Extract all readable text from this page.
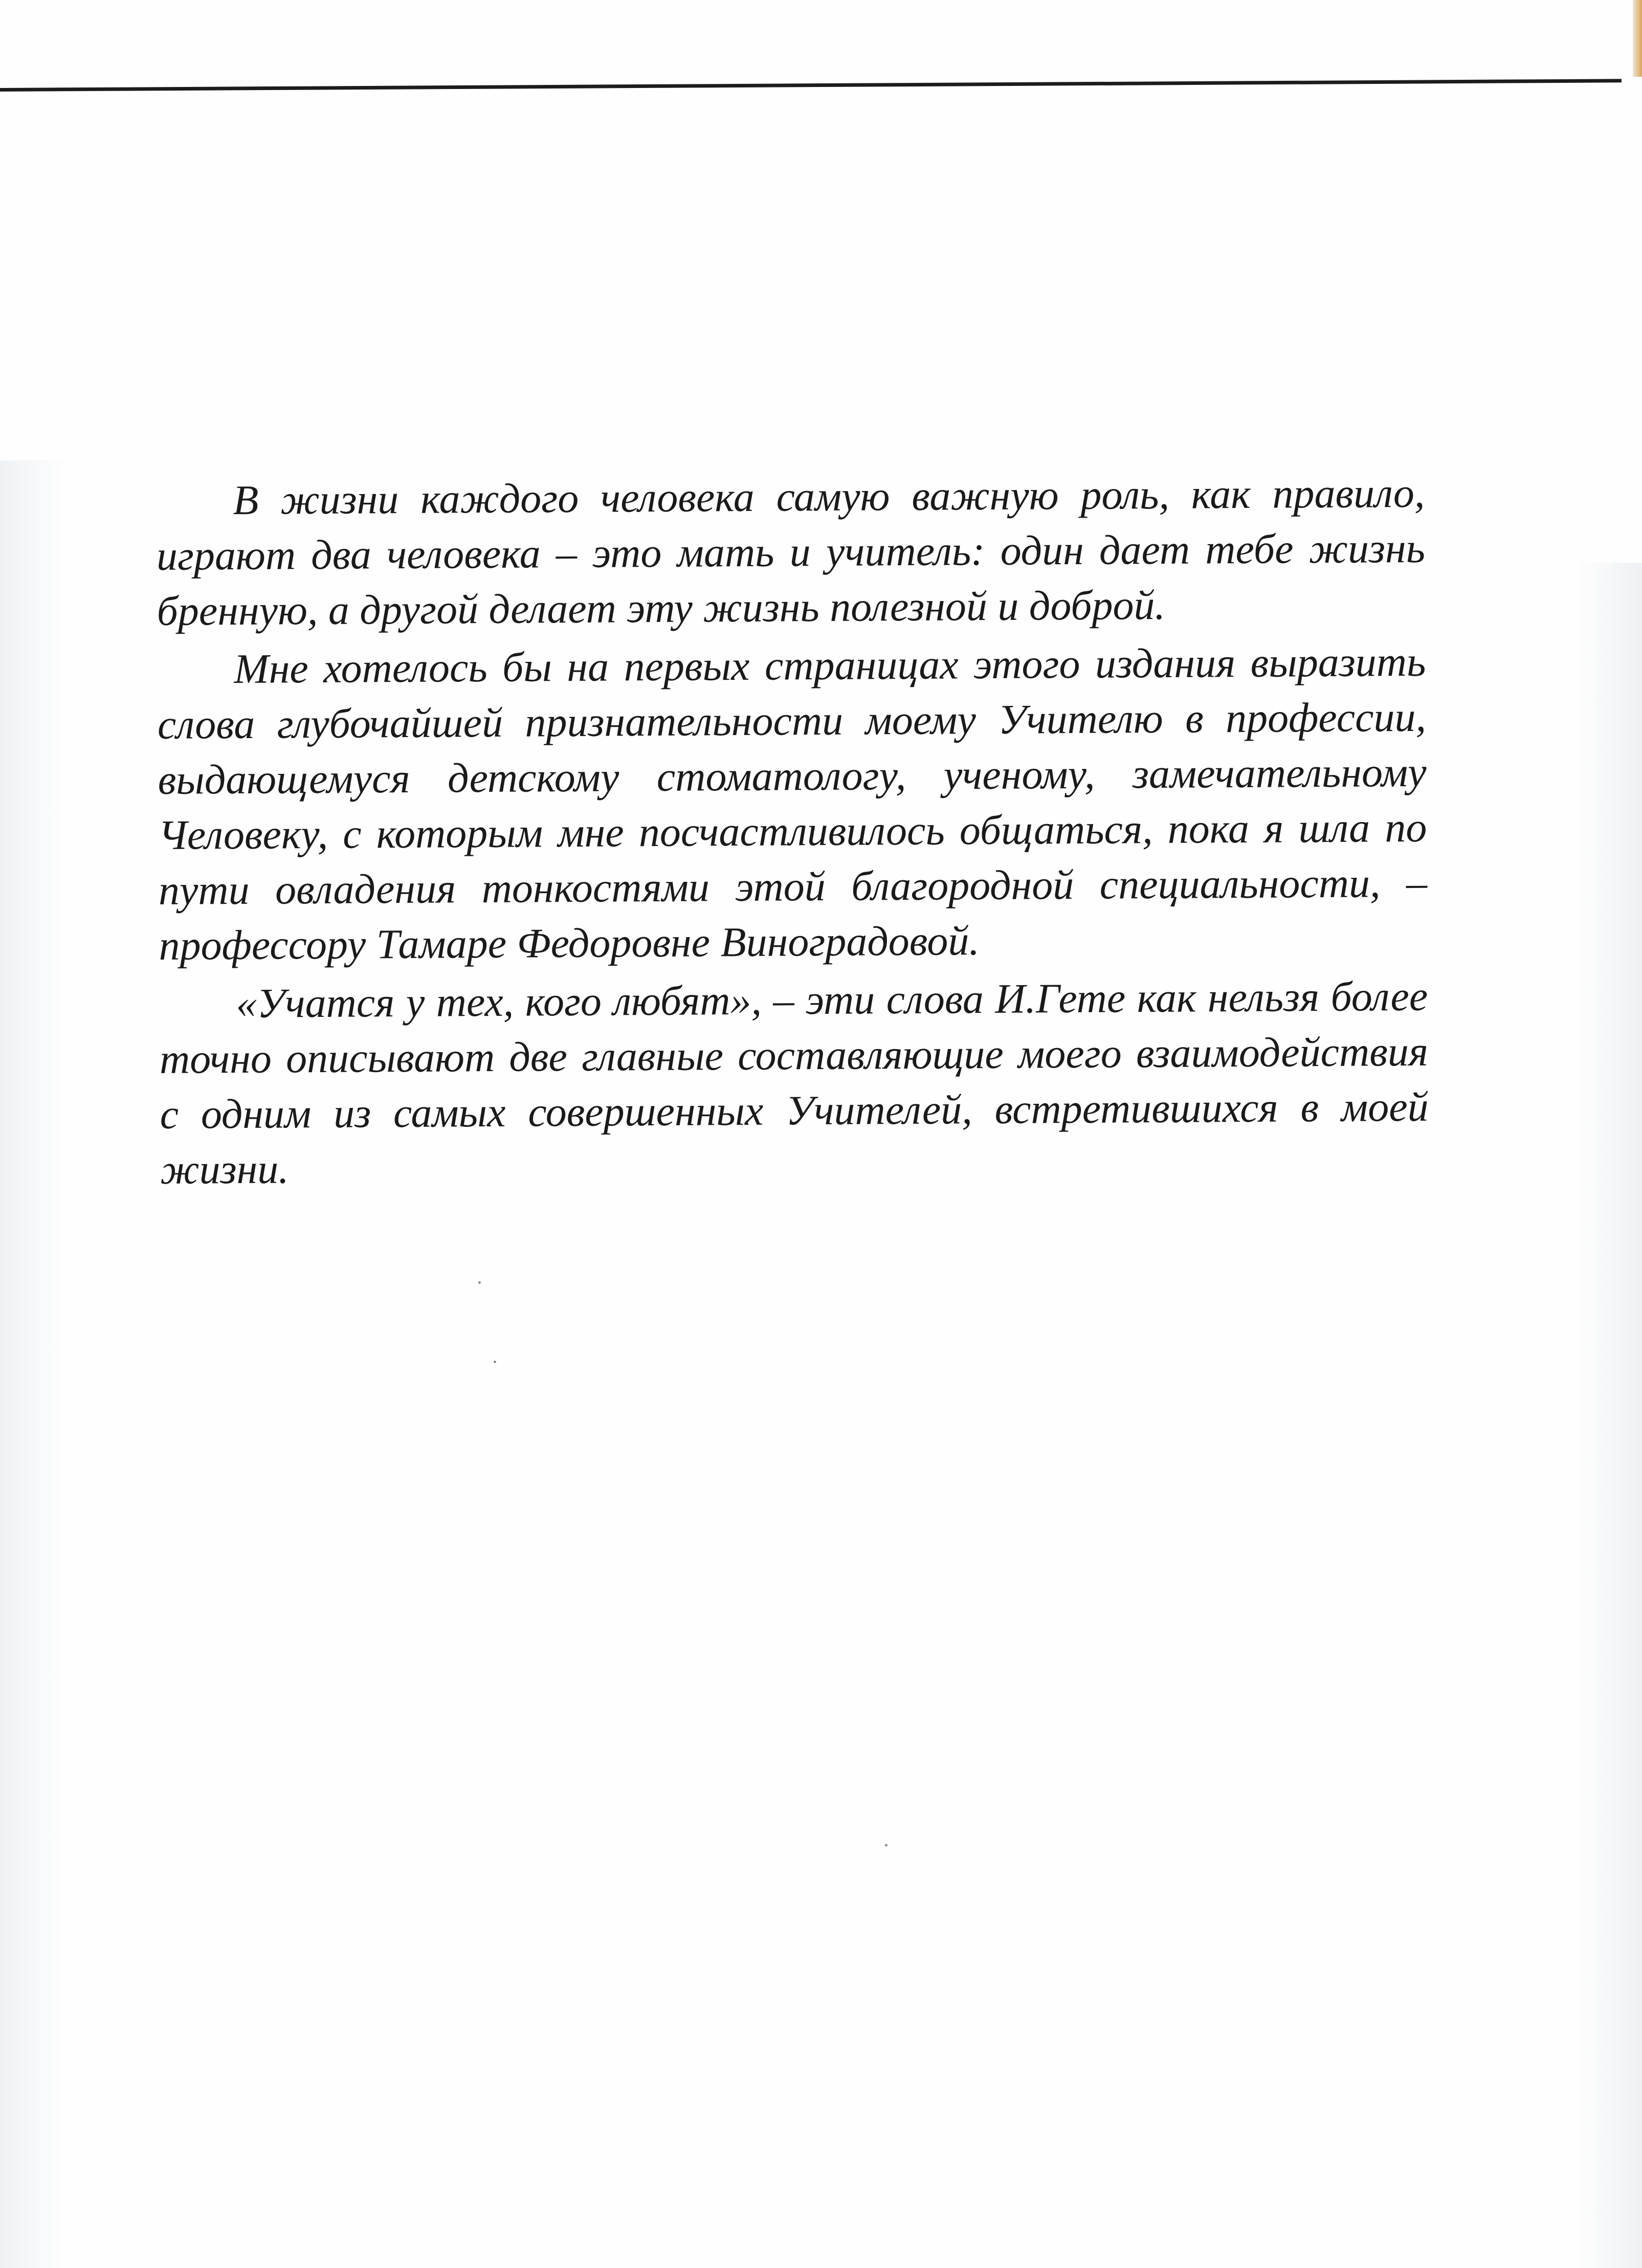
В жизни каждого человека самую важную роль, как правило, играют два человека – это мать и учитель: один дает тебе жизнь бренную, а другой делает эту жизнь полезной и доброй.

Мне хотелось бы на первых страницах этого издания выразить слова глубочайшей признательности моему Учителю в профессии, выдающемуся детскому стоматологу, ученому, замечательному Человеку, с которым мне посчастливилось общаться, пока я шла по пути овладения тонкостями этой благородной специальности, – профессору Тамаре Федоровне Виноградовой.

«Учатся у тех, кого любят», – эти слова И.Гете как нельзя более точно описывают две главные составляющие моего взаимодействия с одним из самых совершенных Учителей, встретившихся в моей жизни.
